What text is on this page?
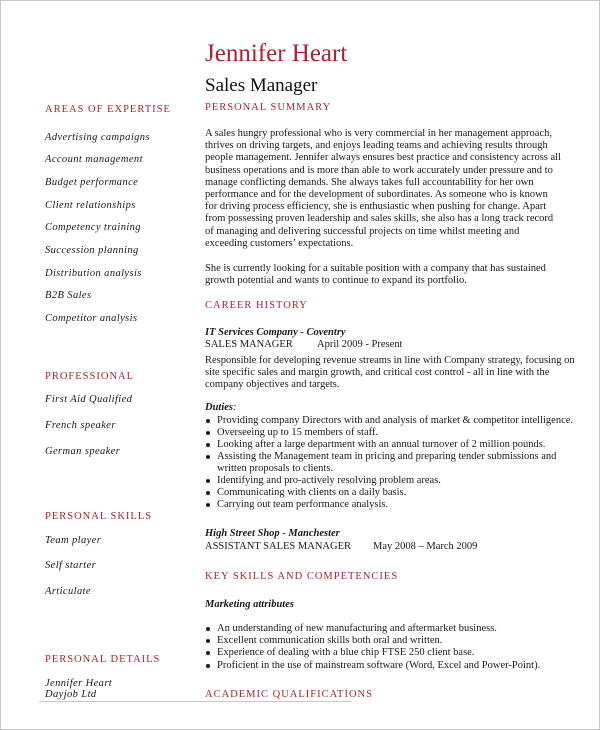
Jennifer Heart
Sales Manager
AREAS OF EXPERTISE
PROFESSIONAL
PERSONAL SKILLS
PERSONAL DETAILS
PERSONAL SUMMARY
CAREER HISTORY
IT Services Company - Coventry
SALES MANAGER April 2009 - Present
Duties:
High Street Shop - Manchester
ASSISTANT SALES MANAGER May 2008 – March 2009
KEY SKILLS AND COMPETENCIES
Marketing attributes
ACADEMIC QUALIFICATIONS
Advertising campaigns
Account management
Budget performance
Client relationships
Competency training
Succession planning
Distribution analysis
B2B Sales
Competitor analysis
First Aid Qualified
French speaker
German speaker
Team player
Self starter
Articulate
Jennifer Heart
Dayjob Ltd
A sales hungry professional who is very commercial in her management approach,
thrives on driving targets, and enjoys leading teams and achieving results through
people management. Jennifer always ensures best practice and consistency across all
business operations and is more than able to work accurately under pressure and to
manage conflicting demands. She always takes full accountability for her own
performance and for the development of subordinates. As someone who is known
for driving process efficiency, she is enthusiastic when pushing for change. Apart
from possessing proven leadership and sales skills, she also has a long track record
of managing and delivering successful projects on time whilst meeting and
exceeding customers’ expectations.
She is currently looking for a suitable position with a company that has sustained
growth potential and wants to continue to expand its portfolio.
Responsible for developing revenue streams in line with Company strategy, focusing on
site specific sales and margin growth, and critical cost control - all in line with the
company objectives and targets.
Providing company Directors with and analysis of market & competitor intelligence.
Overseeing up to 15 members of staff.
Looking after a large department with an annual turnover of 2 million pounds.
Assisting the Management team in pricing and preparing tender submissions and
written proposals to clients.
Identifying and pro-actively resolving problem areas.
Communicating with clients on a daily basis.
Carrying out team performance analysis.
An understanding of new manufacturing and aftermarket business.
Excellent communication skills both oral and written.
Experience of dealing with a blue chip FTSE 250 client base.
Proficient in the use of mainstream software (Word, Excel and Power-Point).
